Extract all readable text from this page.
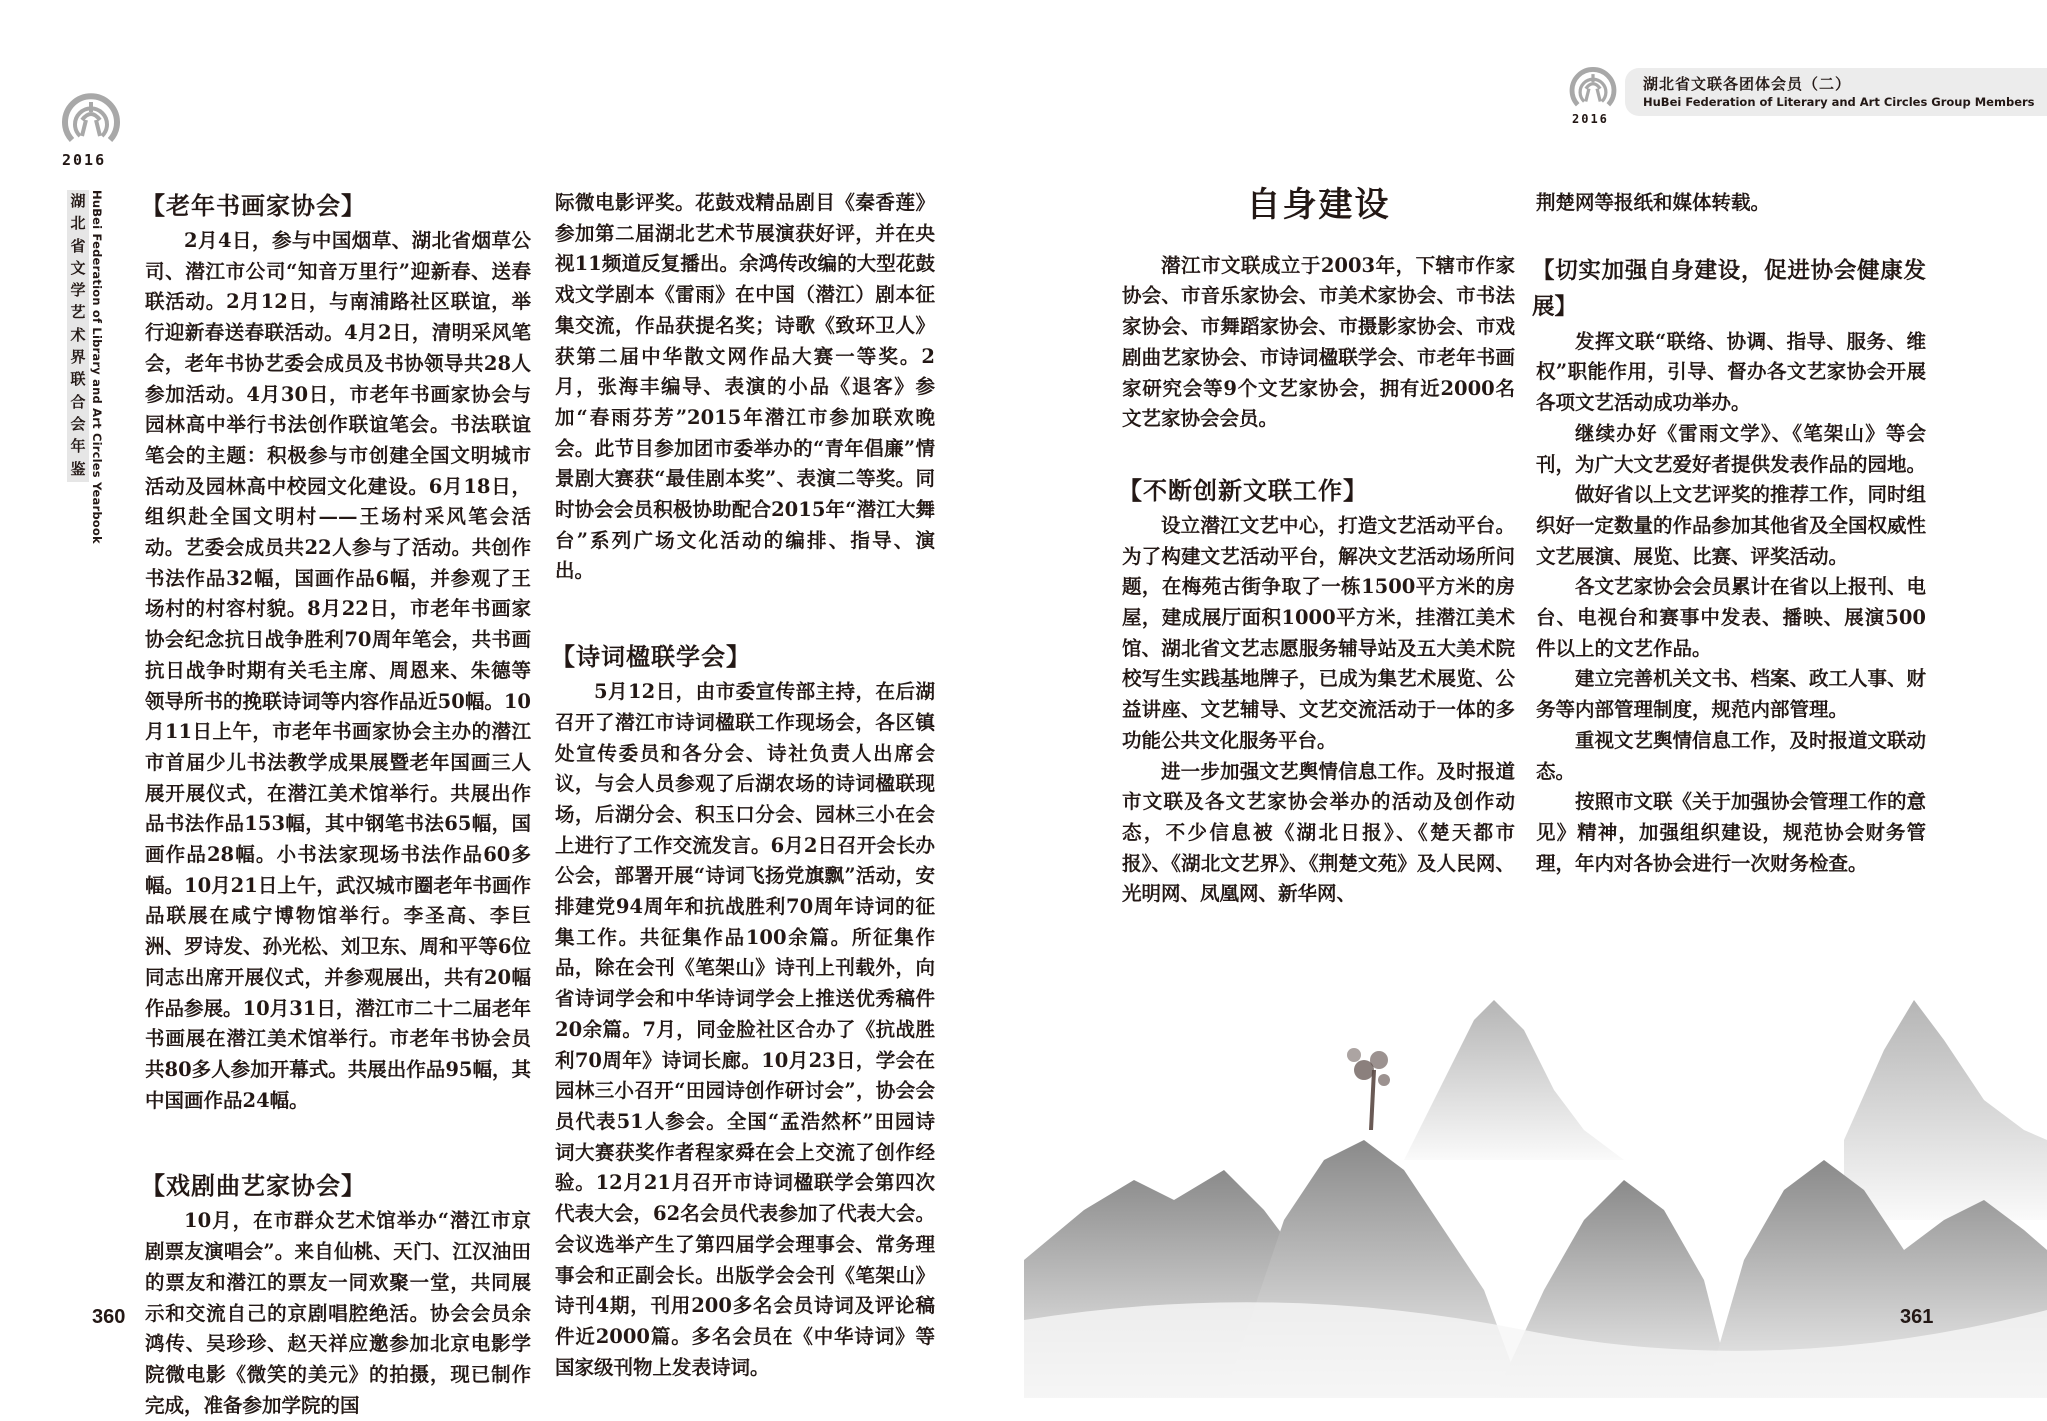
2016
湖
北
省
文
学
艺
术
界
联
合
会
年
鉴 HuBei Federation of Library and Art Circles Yearbook 【老年书画家协会】

2月4日，参与中国烟草、湖北省烟草公司、潜江市公司“知音万里行”迎新春、送春联活动。2月12日，与南浦路社区联谊，举行迎新春送春联活动。4月2日，清明采风笔会，老年书协艺委会成员及书协领导共28人参加活动。4月30日，市老年书画家协会与园林高中举行书法创作联谊笔会。书法联谊笔会的主题：积极参与市创建全国文明城市活动及园林高中校园文化建设。6月18日，组织赴全国文明村——王场村采风笔会活动。艺委会成员共22人参与了活动。共创作书法作品32幅，国画作品6幅，并参观了王场村的村容村貌。8月22日，市老年书画家协会纪念抗日战争胜利70周年笔会，共书画抗日战争时期有关毛主席、周恩来、朱德等领导所书的挽联诗词等内容作品近50幅。10月11日上午，市老年书画家协会主办的潜江市首届少儿书法教学成果展暨老年国画三人展开展仪式，在潜江美术馆举行。共展出作品书法作品153幅，其中钢笔书法65幅，国画作品28幅。小书法家现场书法作品60多幅。10月21日上午，武汉城市圈老年书画作品联展在咸宁博物馆举行。李圣高、李巨洲、罗诗发、孙光松、刘卫东、周和平等6位同志出席开展仪式，并参观展出，共有20幅作品参展。10月31日，潜江市二十二届老年书画展在潜江美术馆举行。市老年书协会员共80多人参加开幕式。共展出作品95幅，其中国画作品24幅。

【戏剧曲艺家协会】

10月，在市群众艺术馆举办“潜江市京剧票友演唱会”。来自仙桃、天门、江汉油田的票友和潜江的票友一同欢聚一堂，共同展示和交流自己的京剧唱腔绝活。协会会员余鸿传、吴珍珍、赵天祥应邀参加北京电影学院微电影《微笑的美元》的拍摄，现已制作完成，准备参加学院的国

际微电影评奖。花鼓戏精品剧目《秦香莲》参加第二届湖北艺术节展演获好评，并在央视11频道反复播出。余鸿传改编的大型花鼓戏文学剧本《雷雨》在中国（潜江）剧本征集交流，作品获提名奖；诗歌《致环卫人》获第二届中华散文网作品大赛一等奖。2月，张海丰编导、表演的小品《退客》参加“春雨芬芳”2015年潜江市参加联欢晚会。此节目参加团市委举办的“青年倡廉”情景剧大赛获“最佳剧本奖”、表演二等奖。同时协会会员积极协助配合2015年“潜江大舞台”系列广场文化活动的编排、指导、演出。

【诗词楹联学会】

5月12日，由市委宣传部主持，在后湖召开了潜江市诗词楹联工作现场会，各区镇处宣传委员和各分会、诗社负责人出席会议，与会人员参观了后湖农场的诗词楹联现场，后湖分会、积玉口分会、园林三小在会上进行了工作交流发言。6月2日召开会长办公会，部署开展“诗词飞扬党旗飘”活动，安排建党94周年和抗战胜利70周年诗词的征集工作。共征集作品100余篇。所征集作品，除在会刊《笔架山》诗刊上刊载外，向省诗词学会和中华诗词学会上推送优秀稿件20余篇。7月，同金脸社区合办了《抗战胜利70周年》诗词长廊。10月23日，学会在园林三小召开“田园诗创作研讨会”，协会会员代表51人参会。全国“孟浩然杯”田园诗词大赛获奖作者程家舜在会上交流了创作经验。12月21月召开市诗词楹联学会第四次代表大会，62名会员代表参加了代表大会。会议选举产生了第四届学会理事会、常务理事会和正副会长。出版学会会刊《笔架山》诗刊4期，刊用200多名会员诗词及评论稿件近2000篇。多名会员在《中华诗词》等国家级刊物上发表诗词。

360
2016
湖北省文联各团体会员（二）
HuBei Federation of Literary and Art Circles Group Members
自身建设

潜江市文联成立于2003年，下辖市作家协会、市音乐家协会、市美术家协会、市书法家协会、市舞蹈家协会、市摄影家协会、市戏剧曲艺家协会、市诗词楹联学会、市老年书画家研究会等9个文艺家协会，拥有近2000名文艺家协会会员。

【不断创新文联工作】

设立潜江文艺中心，打造文艺活动平台。为了构建文艺活动平台，解决文艺活动场所问题，在梅苑古街争取了一栋1500平方米的房屋，建成展厅面积1000平方米，挂潜江美术馆、湖北省文艺志愿服务辅导站及五大美术院校写生实践基地牌子，已成为集艺术展览、公益讲座、文艺辅导、文艺交流活动于一体的多功能公共文化服务平台。

进一步加强文艺舆情信息工作。及时报道市文联及各文艺家协会举办的活动及创作动态，不少信息被《湖北日报》、《楚天都市报》、《湖北文艺界》、《荆楚文苑》及人民网、光明网、凤凰网、新华网、

荆楚网等报纸和媒体转载。

【切实加强自身建设，促进协会健康发展】

发挥文联“联络、协调、指导、服务、维权”职能作用，引导、督办各文艺家协会开展各项文艺活动成功举办。

继续办好《雷雨文学》、《笔架山》等会刊，为广大文艺爱好者提供发表作品的园地。

做好省以上文艺评奖的推荐工作，同时组织好一定数量的作品参加其他省及全国权威性文艺展演、展览、比赛、评奖活动。

各文艺家协会会员累计在省以上报刊、电台、电视台和赛事中发表、播映、展演500件以上的文艺作品。

建立完善机关文书、档案、政工人事、财务等内部管理制度，规范内部管理。

重视文艺舆情信息工作，及时报道文联动态。

按照市文联《关于加强协会管理工作的意见》精神，加强组织建设，规范协会财务管理，年内对各协会进行一次财务检查。

361
